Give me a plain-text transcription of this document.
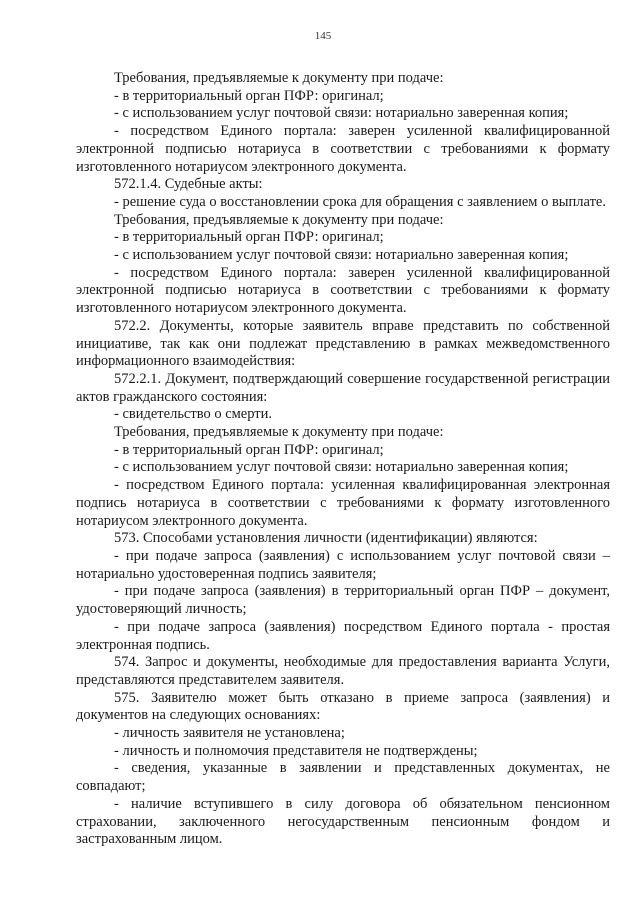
145

Требования, предъявляемые к документу при подаче:

- в территориальный орган ПФР: оригинал;

- с использованием услуг почтовой связи: нотариально заверенная копия;

- посредством Единого портала: заверен усиленной квалифицированной электронной подписью нотариуса в соответствии с требованиями к формату изготовленного нотариусом электронного документа.

572.1.4. Судебные акты:

- решение суда о восстановлении срока для обращения с заявлением о выплате.

Требования, предъявляемые к документу при подаче:

- в территориальный орган ПФР: оригинал;

- с использованием услуг почтовой связи: нотариально заверенная копия;

- посредством Единого портала: заверен усиленной квалифицированной электронной подписью нотариуса в соответствии с требованиями к формату изготовленного нотариусом электронного документа.

572.2. Документы, которые заявитель вправе представить по собственной инициативе, так как они подлежат представлению в рамках межведомственного информационного взаимодействия:

572.2.1. Документ, подтверждающий совершение государственной регистрации актов гражданского состояния:

- свидетельство о смерти.

Требования, предъявляемые к документу при подаче:

- в территориальный орган ПФР: оригинал;

- с использованием услуг почтовой связи: нотариально заверенная копия;

- посредством Единого портала: усиленная квалифицированная электронная подпись нотариуса в соответствии с требованиями к формату изготовленного нотариусом электронного документа.

573. Способами установления личности (идентификации) являются:

- при подаче запроса (заявления) с использованием услуг почтовой связи – нотариально удостоверенная подпись заявителя;

- при подаче запроса (заявления) в территориальный орган ПФР – документ, удостоверяющий личность;

- при подаче запроса (заявления) посредством Единого портала - простая электронная подпись.

574. Запрос и документы, необходимые для предоставления варианта Услуги, представляются представителем заявителя.

575. Заявителю может быть отказано в приеме запроса (заявления) и документов на следующих основаниях:

- личность заявителя не установлена;

- личность и полномочия представителя не подтверждены;

- сведения, указанные в заявлении и представленных документах, не совпадают;

- наличие вступившего в силу договора об обязательном пенсионном страховании, заключенного негосударственным пенсионным фондом и застрахованным лицом.
